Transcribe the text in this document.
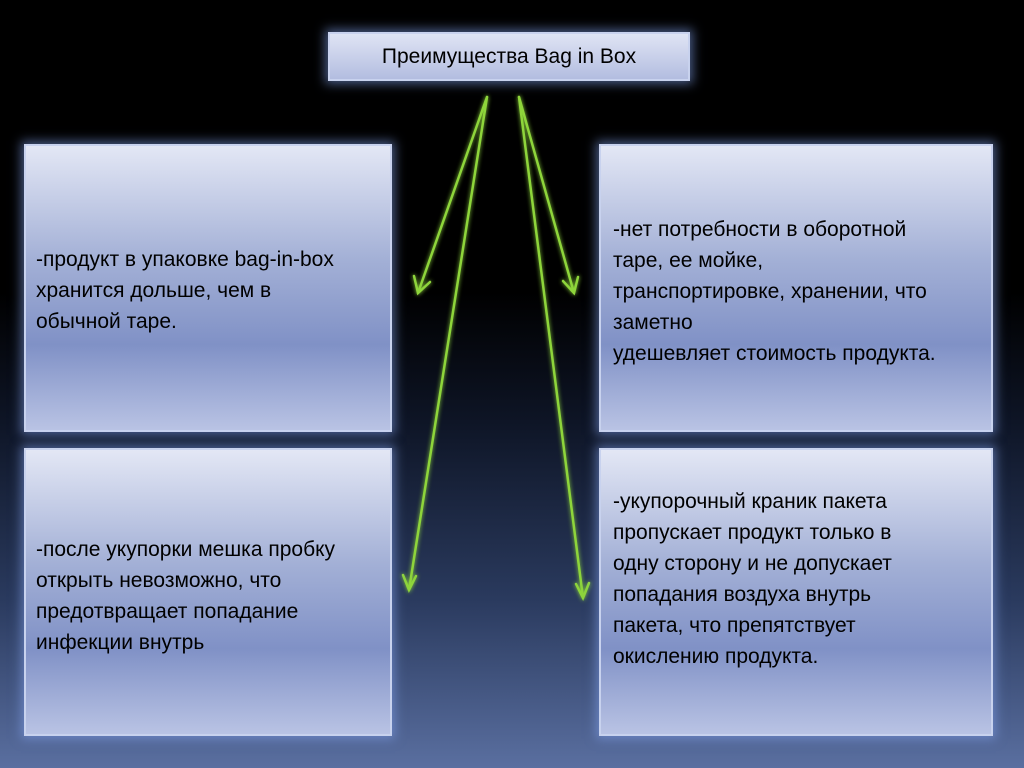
Преимущества Bag in Box
-продукт в упаковке bag-in-box
хранится дольше, чем в
обычной таре.
-нет потребности в оборотной
таре, ее мойке,
транспортировке, хранении, что
заметно
удешевляет стоимость продукта.
-после укупорки мешка пробку
открыть невозможно, что
предотвращает попадание
инфекции внутрь
-укупорочный краник пакета
пропускает продукт только в
одну сторону и не допускает
попадания воздуха внутрь
пакета, что препятствует
окислению продукта.
